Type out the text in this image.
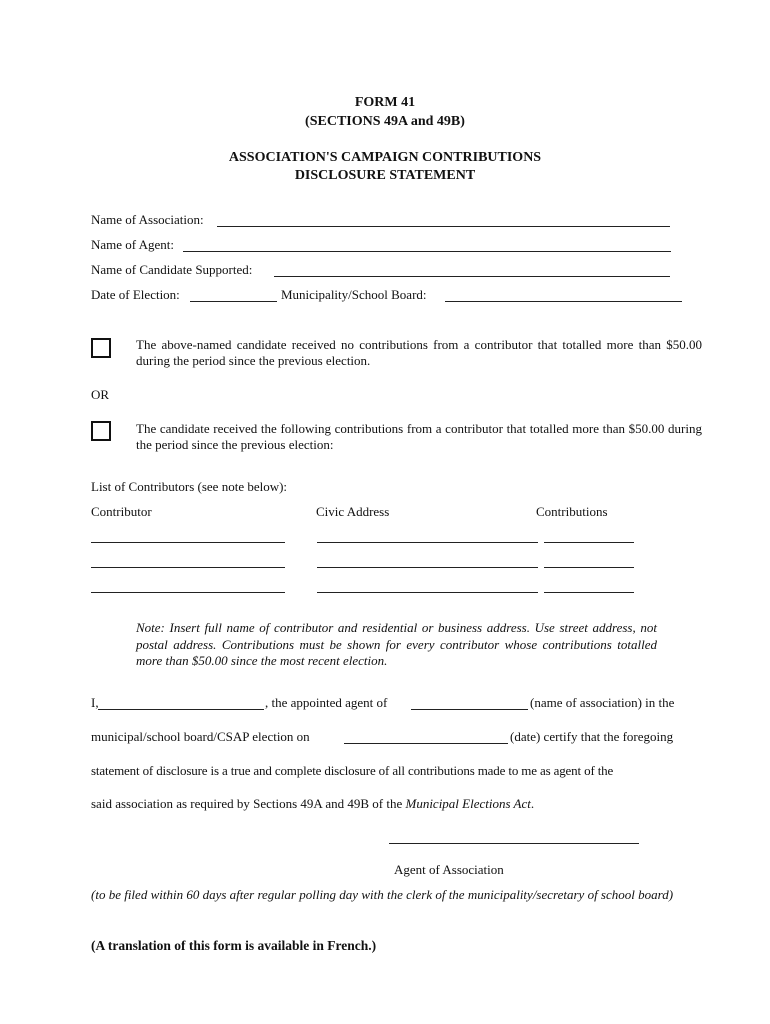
FORM 41
(SECTIONS 49A and 49B)
ASSOCIATION'S CAMPAIGN CONTRIBUTIONS
DISCLOSURE STATEMENT
Name of Association:
Name of Agent:
Name of Candidate Supported:
Date of Election:	Municipality/School Board:
The above-named candidate received no contributions from a contributor that totalled more than $50.00 during the period since the previous election.
OR
The candidate received the following contributions from a contributor that totalled more than $50.00 during the period since the previous election:
List of Contributors (see note below):
Contributor	Civic Address	Contributions
Note: Insert full name of contributor and residential or business address. Use street address, not postal address. Contributions must be shown for every contributor whose contributions totalled more than $50.00 since the most recent election.
I,	, the appointed agent of	(name of association) in the
municipal/school board/CSAP election on	(date) certify that the foregoing
statement of disclosure is a true and complete disclosure of all contributions made to me as agent of the
said association as required by Sections 49A and 49B of the Municipal Elections Act.
Agent of Association
(to be filed within 60 days after regular polling day with the clerk of the municipality/secretary of school board)
(A translation of this form is available in French.)
